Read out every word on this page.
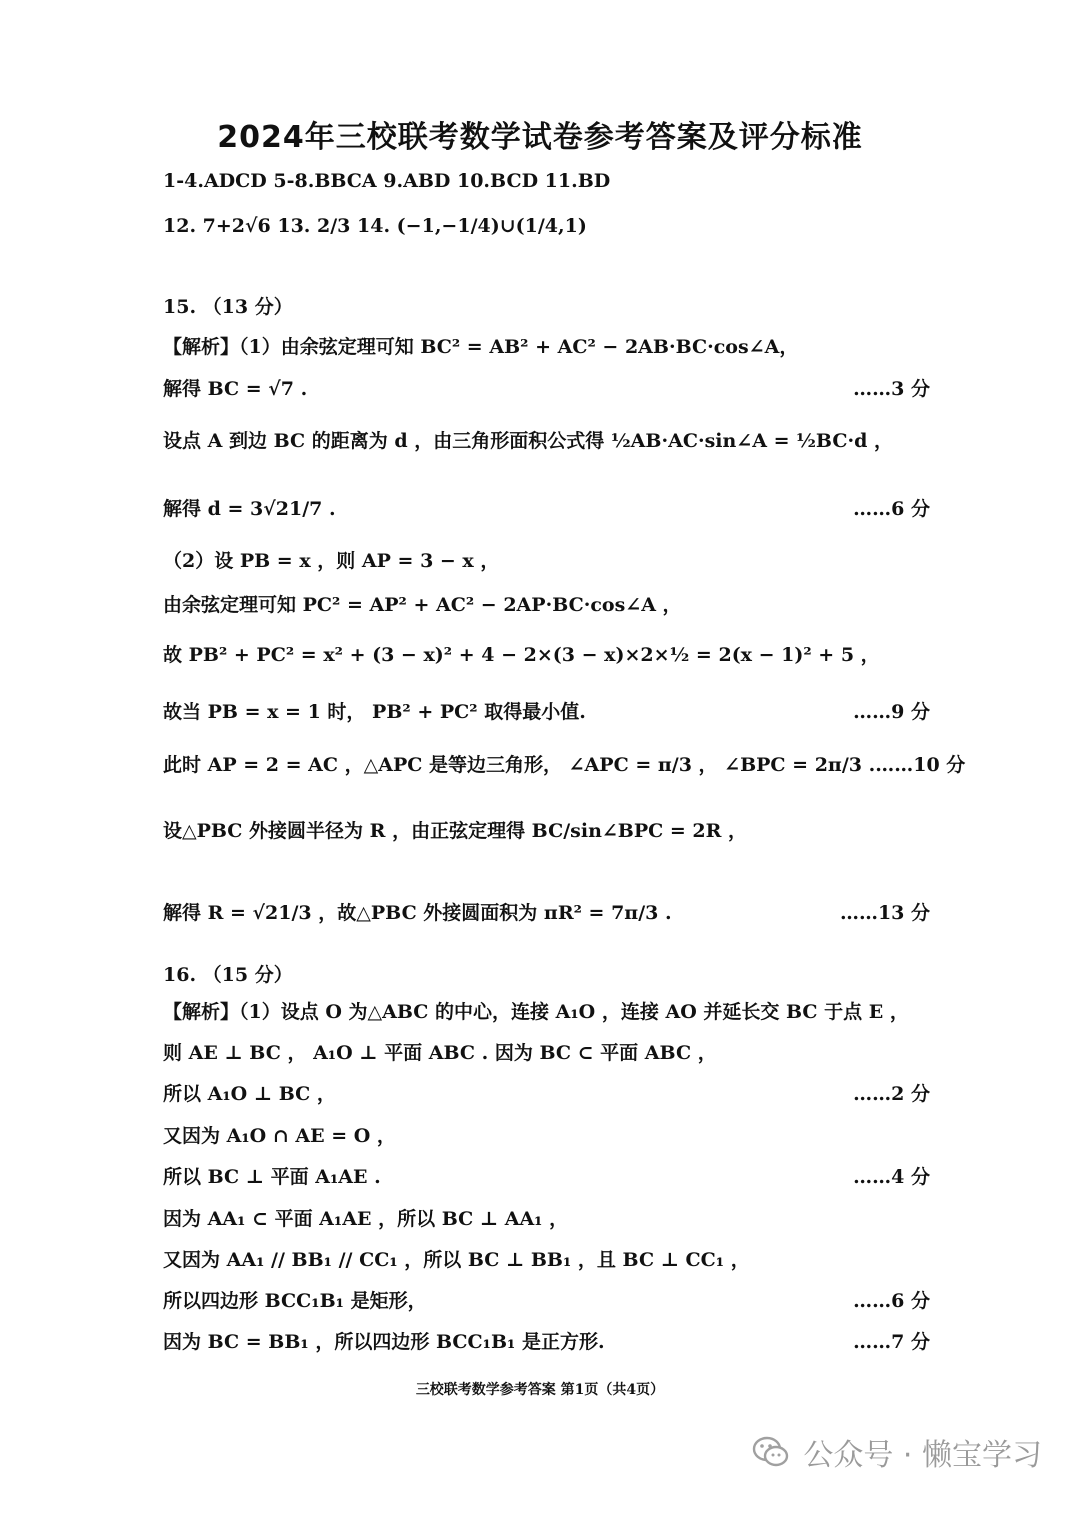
2024年三校联考数学试卷参考答案及评分标准
1-4.ADCD 5-8.BBCA 9.ABD 10.BCD 11.BD
12. 7+2√6 13. 2/3 14. (−1,−1/4)∪(1/4,1)
15. （13 分）
【解析】（1）由余弦定理可知 BC² = AB² + AC² − 2AB·BC·cos∠A，
解得 BC = √7 .	……3 分
设点 A 到边 BC 的距离为 d ，由三角形面积公式得 ½AB·AC·sin∠A = ½BC·d ，
解得 d = 3√21/7 .	……6 分
（2）设 PB = x ，则 AP = 3 − x ，
由余弦定理可知 PC² = AP² + AC² − 2AP·BC·cos∠A ，
故 PB² + PC² = x² + (3 − x)² + 4 − 2×(3 − x)×2×½ = 2(x − 1)² + 5 ，
故当 PB = x = 1 时， PB² + PC² 取得最小值.	……9 分
此时 AP = 2 = AC ，△APC 是等边三角形， ∠APC = π/3 ， ∠BPC = 2π/3 . ……10 分
设△PBC 外接圆半径为 R ，由正弦定理得 BC/sin∠BPC = 2R ，
解得 R = √21/3 ，故△PBC 外接圆面积为 πR² = 7π/3 .	……13 分
16. （15 分）
【解析】（1）设点 O 为△ABC 的中心，连接 A₁O ，连接 AO 并延长交 BC 于点 E ，
则 AE ⊥ BC ， A₁O ⊥ 平面 ABC . 因为 BC ⊂ 平面 ABC ，
所以 A₁O ⊥ BC ，	……2 分
又因为 A₁O ∩ AE = O ，
所以 BC ⊥ 平面 A₁AE .	……4 分
因为 AA₁ ⊂ 平面 A₁AE ，所以 BC ⊥ AA₁ ，
又因为 AA₁ // BB₁ // CC₁ ，所以 BC ⊥ BB₁ ，且 BC ⊥ CC₁ ，
所以四边形 BCC₁B₁ 是矩形，	……6 分
因为 BC = BB₁ ，所以四边形 BCC₁B₁ 是正方形.	……7 分
三校联考数学参考答案 第1页（共4页）
公众号 · 懒宝学习
